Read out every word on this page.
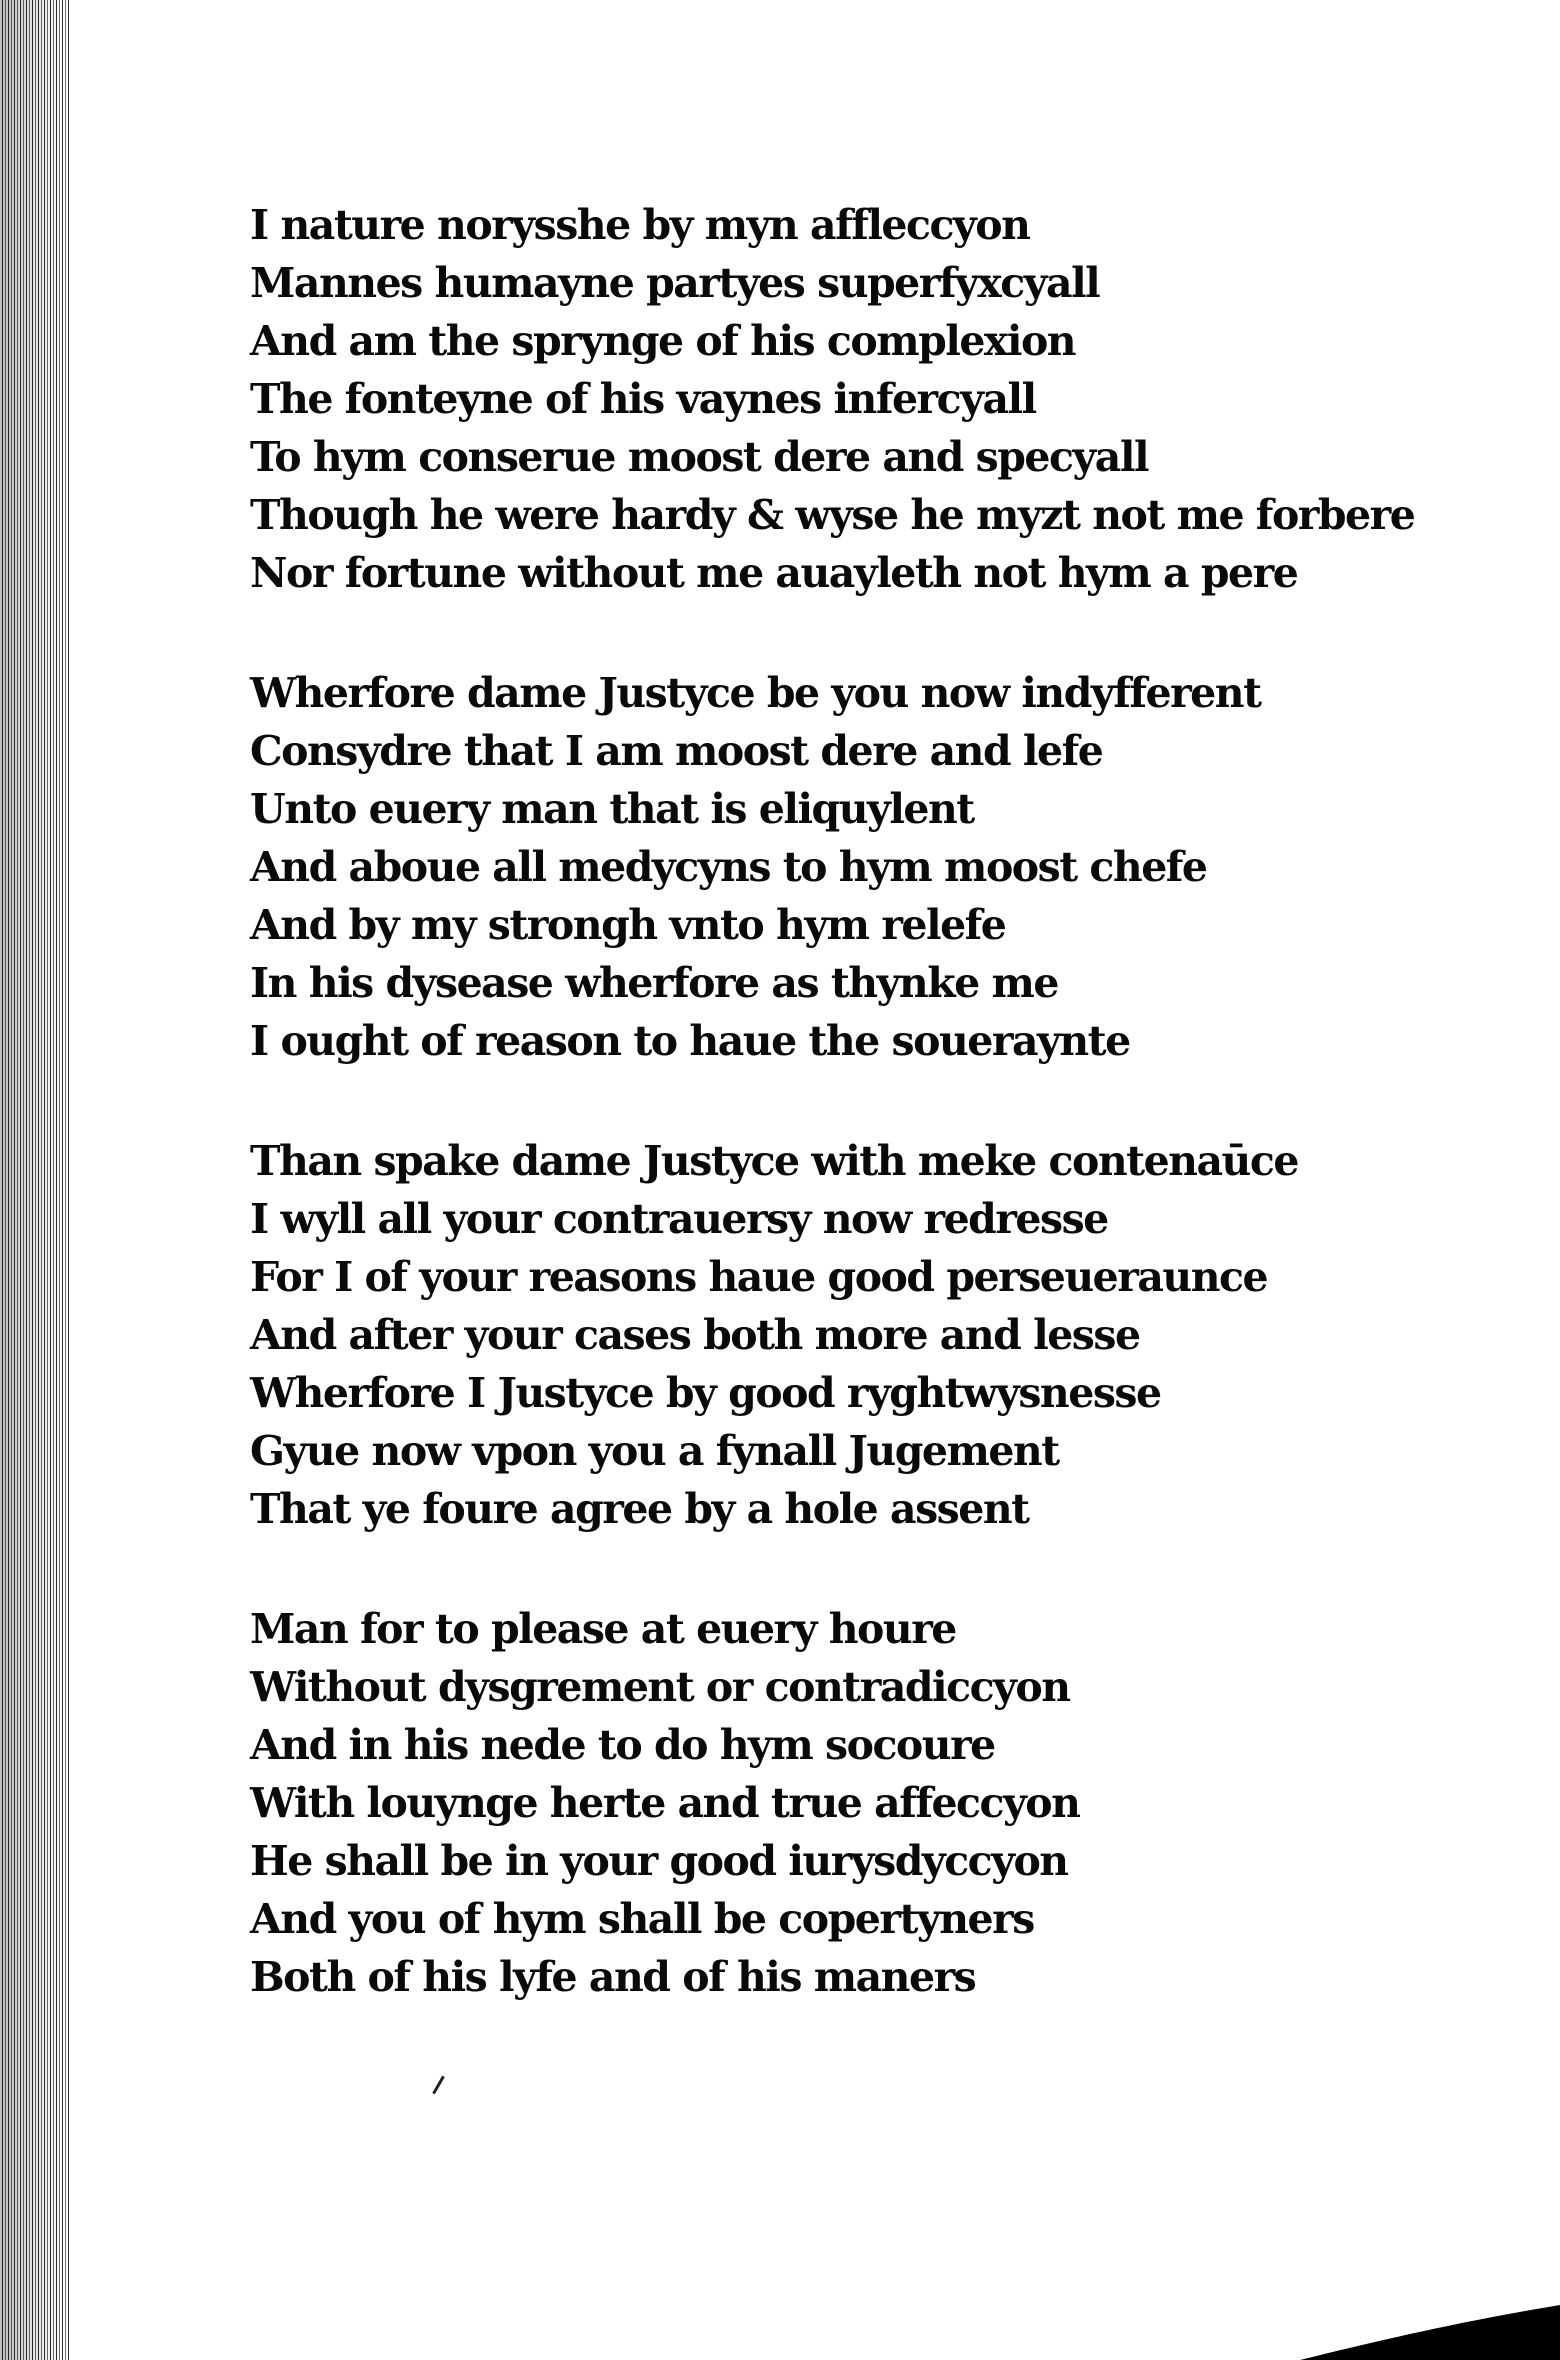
I nature norysshe by myn affleccyon
Mannes humayne partyes superfyxcyall
And am the sprynge of his complexion
The fonteyne of his vaynes infercyall
To hym conserue moost dere and specyall
Though he were hardy & wyse he myzt not me forbere
Nor fortune without me auayleth not hym a pere
Wherfore dame Justyce be you now indyfferent
Consydre that I am moost dere and lefe
Unto euery man that is eliquylent
And aboue all medycyns to hym moost chefe
And by my strongh vnto hym relefe
In his dysease wherfore as thynke me
I ought of reason to haue the soueraynte
Than spake dame Justyce with meke contenaūce
I wyll all your contrauersy now redresse
For I of your reasons haue good perseueraunce
And after your cases both more and lesse
Wherfore I Justyce by good ryghtwysnesse
Gyue now vpon you a fynall Jugement
That ye foure agree by a hole assent
Man for to please at euery houre
Without dysgrement or contradiccyon
And in his nede to do hym socoure
With louynge herte and true affeccyon
He shall be in your good iurysdyccyon
And you of hym shall be copertyners
Both of his lyfe and of his maners
